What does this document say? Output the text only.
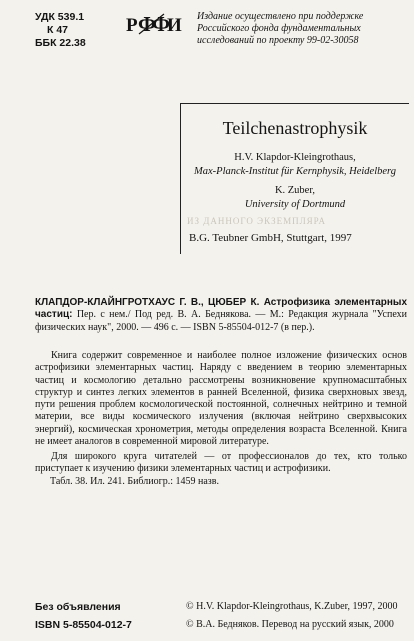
УДК 539.1
К 47
ББК 22.38
Р Ф
Ф
И Издание осуществлено при поддержке Российского фонда фундаментальных исследований по проекту 99-02-30058
Teilchenastrophysik
H.V. Klapdor-Kleingrothaus,
Max-Planck-Institut für Kernphysik, Heidelberg
K. Zuber,
University of Dortmund
ИЗ ДАННОГО ЭКЗЕМПЛЯРА
B.G. Teubner GmbH, Stuttgart, 1997
КЛАПДОР-КЛАЙНГРОТХАУС Г. В., ЦЮБЕР К. Астрофизика элементарных частиц: Пер. с нем./ Под ред. В. А. Беднякова. — М.: Редакция журнала "Успехи физических наук", 2000. — 496 с. — ISBN 5-85504-012-7 (в пер.).
Книга содержит современное и наиболее полное изложение физических основ астрофизики элементарных частиц. Наряду с введением в теорию элементарных частиц и космологию детально рассмотрены возникновение крупномасштабных структур и синтез легких элементов в ранней Вселенной, физика сверхновых звезд, пути решения проблем космологической постоянной, солнечных нейтрино и темной материи, все виды космического излучения (включая нейтрино сверхвысоких энергий), космическая хронометрия, методы определения возраста Вселенной. Книга не имеет аналогов в современной мировой литературе.
Для широкого круга читателей — от профессионалов до тех, кто только приступает к изучению физики элементарных частиц и астрофизики.
Табл. 38. Ил. 241. Библиогр.: 1459 назв.
Без объявления
ISBN 5-85504-012-7
© H.V. Klapdor-Kleingrothaus, K.Zuber, 1997, 2000
© В.А. Бедняков. Перевод на русский язык, 2000
